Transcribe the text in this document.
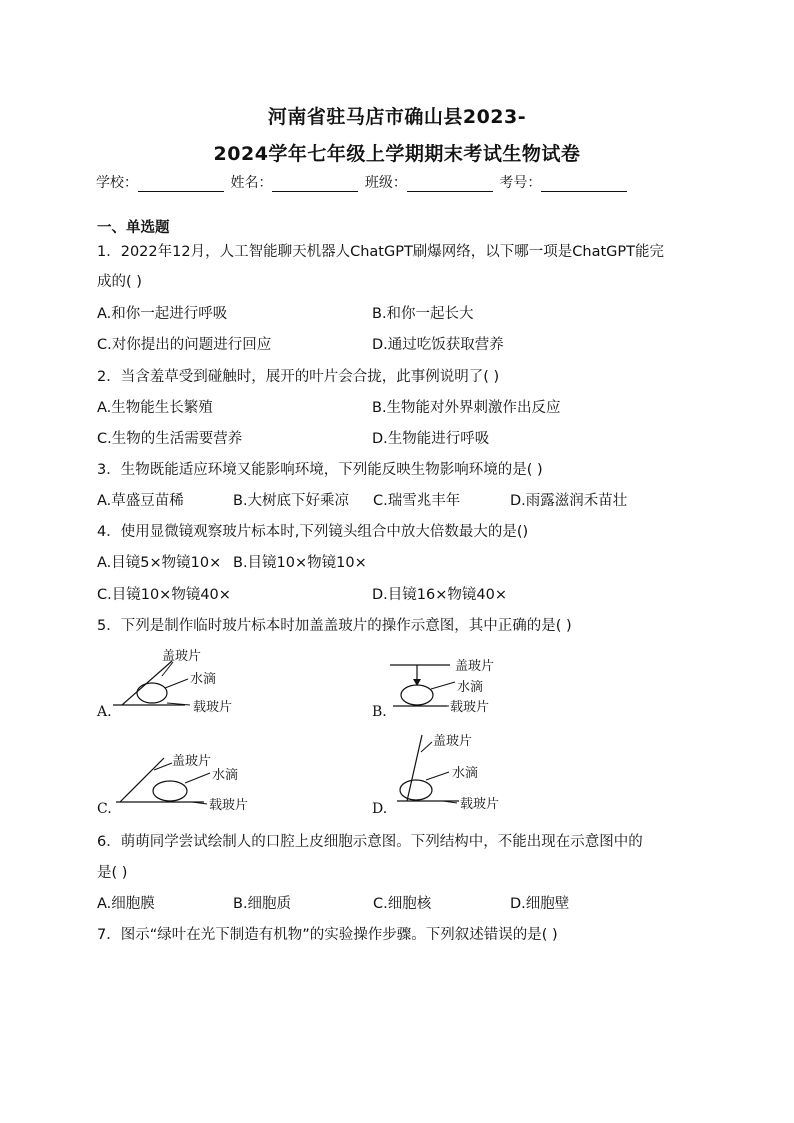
河南省驻马店市确山县2023-
2024学年七年级上学期期末考试生物试卷
学校：	姓名：	班级：	考号：
一、单选题
1．2022年12月，人工智能聊天机器人ChatGPT刷爆网络，以下哪一项是ChatGPT能完
成的( )
A.和你一起进行呼吸	B.和你一起长大
C.对你提出的问题进行回应	D.通过吃饭获取营养
2．当含羞草受到碰触时，展开的叶片会合拢，此事例说明了( )
A.生物能生长繁殖	B.生物能对外界刺激作出反应
C.生物的生活需要营养	D.生物能进行呼吸
3．生物既能适应环境又能影响环境，下列能反映生物影响环境的是( )
A.草盛豆苗稀	B.大树底下好乘凉 C.瑞雪兆丰年	D.雨露滋润禾苗壮
4．使用显微镜观察玻片标本时,下列镜头组合中放大倍数最大的是()
A.目镜5×物镜10× B.目镜10×物镜10×
C.目镜10×物镜40×	D.目镜16×物镜40×
5．下列是制作临时玻片标本时加盖盖玻片的操作示意图，其中正确的是( )
A.
盖玻片
水滴
载玻片	B.
盖玻片
水滴
载玻片
C.
盖玻片
水滴
载玻片	D.
盖玻片
水滴
载玻片
6．萌萌同学尝试绘制人的口腔上皮细胞示意图。下列结构中，不能出现在示意图中的
是( )
A.细胞膜	B.细胞质	C.细胞核	D.细胞壁
7．图示“绿叶在光下制造有机物”的实验操作步骤。下列叙述错误的是( )
